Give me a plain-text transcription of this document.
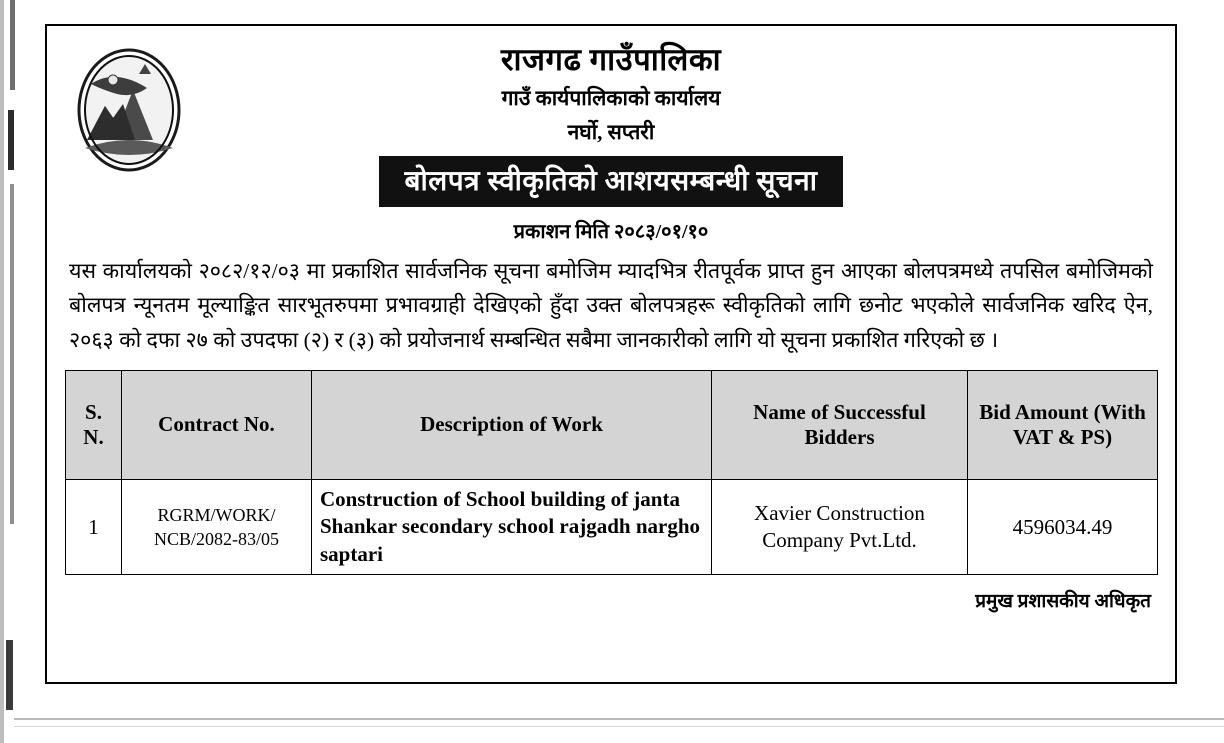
राजगढ गाउँपालिका
गाउँ कार्यपालिकाको कार्यालय
नर्घो, सप्तरी
बोलपत्र स्वीकृतिको आशयसम्बन्धी सूचना
प्रकाशन मिति २०८३/०१/१०
यस कार्यालयको २०८२/१२/०३ मा प्रकाशित सार्वजनिक सूचना बमोजिम म्यादभित्र रीतपूर्वक प्राप्त हुन आएका बोलपत्रमध्ये तपसिल बमोजिमको बोलपत्र न्यूनतम मूल्याङ्कित सारभूतरुपमा प्रभावग्राही देखिएको हुँदा उक्त बोलपत्रहरू स्वीकृतिको लागि छनोट भएकोले सार्वजनिक खरिद ऐन, २०६३ को दफा २७ को उपदफा (२) र (३) को प्रयोजनार्थ सम्बन्धित सबैमा जानकारीको लागि यो सूचना प्रकाशित गरिएको छ ।
S. N.	Contract No.	Description of Work	Name of Successful Bidders	Bid Amount (With VAT & PS)
1	RGRM/WORK/ NCB/2082-83/05	Construction of School building of janta Shankar secondary school rajgadh nargho saptari	Xavier Construction Company Pvt.Ltd.	4596034.49
प्रमुख प्रशासकीय अधिकृत
